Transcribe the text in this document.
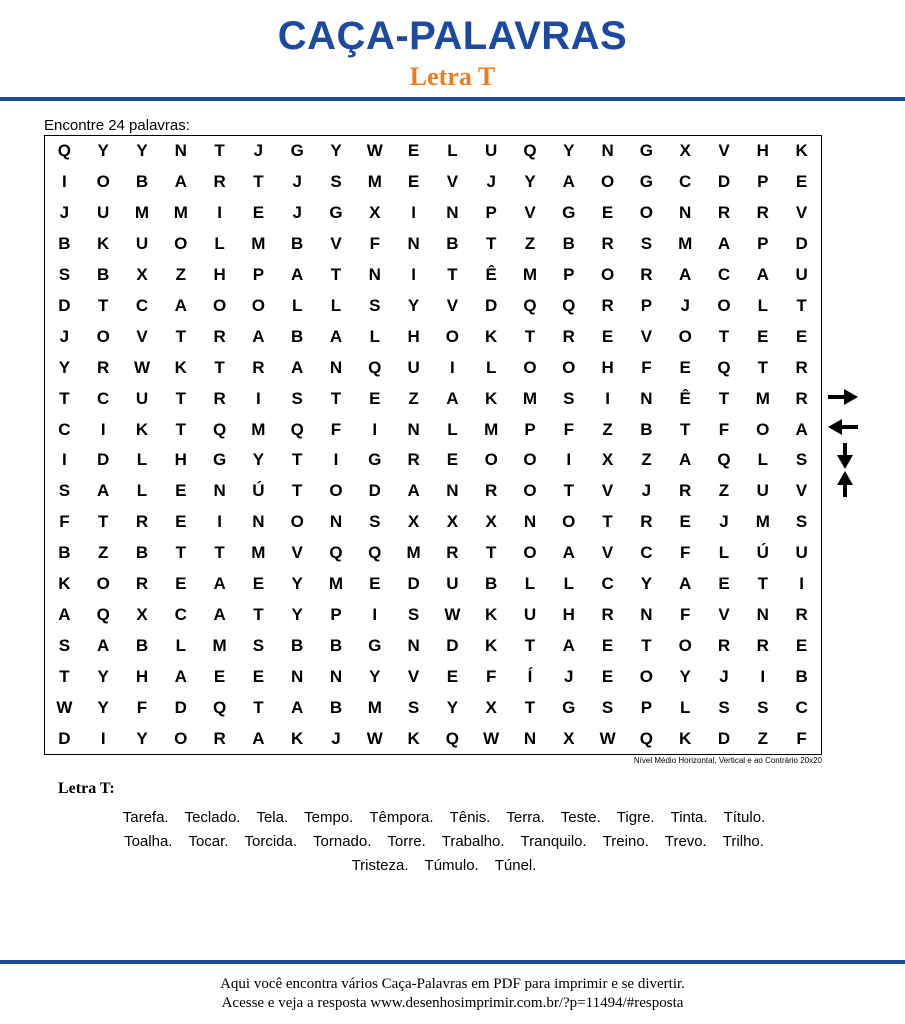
CAÇA-PALAVRAS
Letra T
Encontre 24 palavras:
Q	Y	Y	N	T	J	G	Y	W	E	L	U	Q	Y	N	G	X	V	H	K
I	O	B	A	R	T	J	S	M	E	V	J	Y	A	O	G	C	D	P	E
J	U	M	M	I	E	J	G	X	I	N	P	V	G	E	O	N	R	R	V
B	K	U	O	L	M	B	V	F	N	B	T	Z	B	R	S	M	A	P	D
S	B	X	Z	H	P	A	T	N	I	T	Ê	M	P	O	R	A	C	A	U
D	T	C	A	O	O	L	L	S	Y	V	D	Q	Q	R	P	J	O	L	T
J	O	V	T	R	A	B	A	L	H	O	K	T	R	E	V	O	T	E	E
Y	R	W	K	T	R	A	N	Q	U	I	L	O	O	H	F	E	Q	T	R
T	C	U	T	R	I	S	T	E	Z	A	K	M	S	I	N	Ê	T	M	R
C	I	K	T	Q	M	Q	F	I	N	L	M	P	F	Z	B	T	F	O	A
I	D	L	H	G	Y	T	I	G	R	E	O	O	I	X	Z	A	Q	L	S
S	A	L	E	N	Ú	T	O	D	A	N	R	O	T	V	J	R	Z	U	V
F	T	R	E	I	N	O	N	S	X	X	X	N	O	T	R	E	J	M	S
B	Z	B	T	T	M	V	Q	Q	M	R	T	O	A	V	C	F	L	Ú	U
K	O	R	E	A	E	Y	M	E	D	U	B	L	L	C	Y	A	E	T	I
A	Q	X	C	A	T	Y	P	I	S	W	K	U	H	R	N	F	V	N	R
S	A	B	L	M	S	B	B	G	N	D	K	T	A	E	T	O	R	R	E
T	Y	H	A	E	E	N	N	Y	V	E	F	Í	J	E	O	Y	J	I	B
W	Y	F	D	Q	T	A	B	M	S	Y	X	T	G	S	P	L	S	S	C
D	I	Y	O	R	A	K	J	W	K	Q	W	N	X	W	Q	K	D	Z	F
Nível Médio Horizontal, Vertical e ao Contrário 20x20
Letra T:
Tarefa. Teclado. Tela. Tempo. Têmpora. Tênis. Terra. Teste. Tigre. Tinta. Título.
Toalha. Tocar. Torcida. Tornado. Torre. Trabalho. Tranquilo. Treino. Trevo. Trilho.
Tristeza. Túmulo. Túnel.
Aqui você encontra vários Caça-Palavras em PDF para imprimir e se divertir.
Acesse e veja a resposta www.desenhosimprimir.com.br/?p=11494/#resposta
